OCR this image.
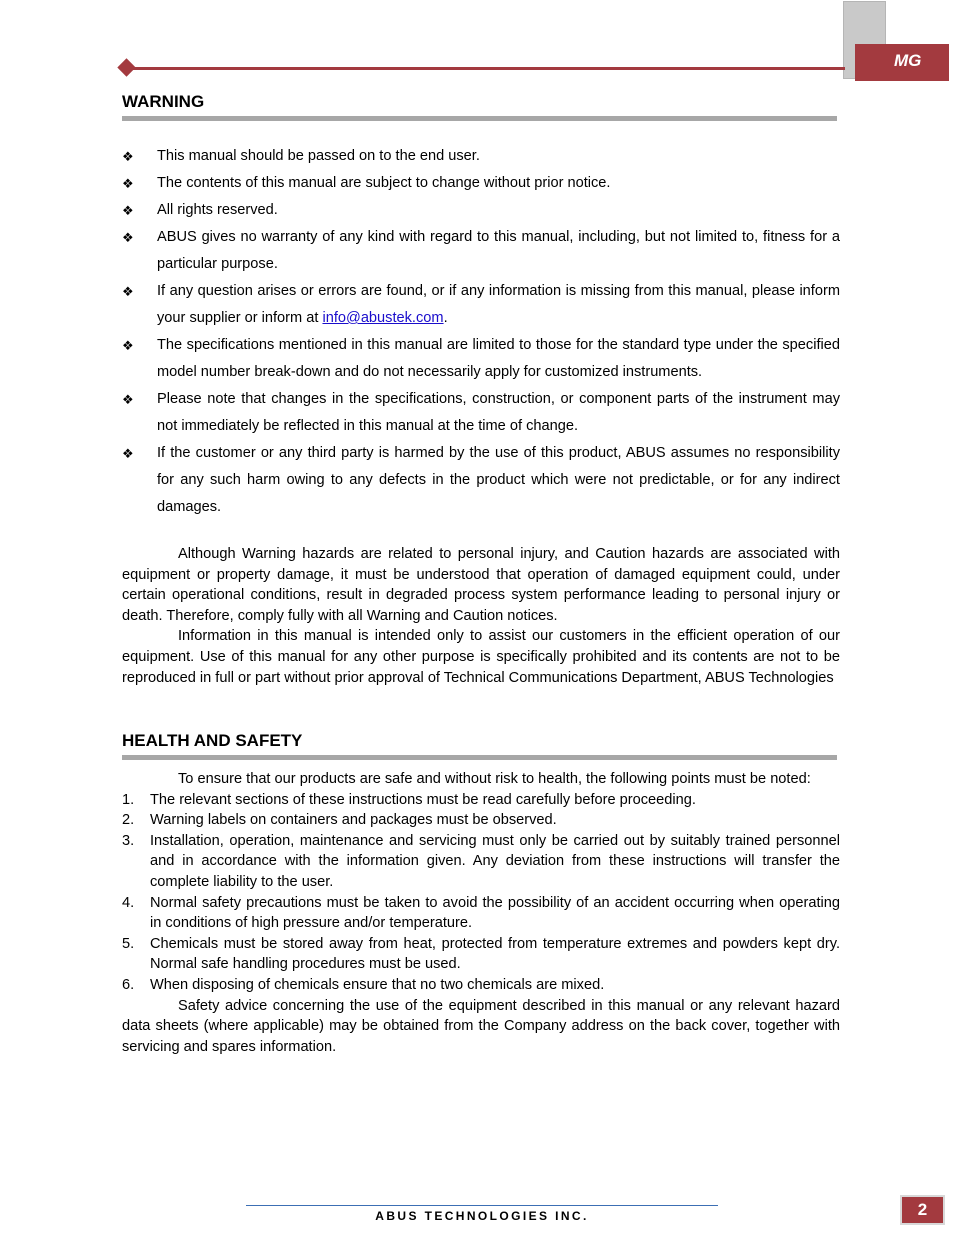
MG
WARNING
❖ This manual should be passed on to the end user.
❖ The contents of this manual are subject to change without prior notice.
❖ All rights reserved.
❖ ABUS gives no warranty of any kind with regard to this manual, including, but not limited to, fitness for a particular purpose.
❖ If any question arises or errors are found, or if any information is missing from this manual, please inform your supplier or inform at info@abustek.com.
❖ The specifications mentioned in this manual are limited to those for the standard type under the specified model number break-down and do not necessarily apply for customized instruments.
❖ Please note that changes in the specifications, construction, or component parts of the instrument may not immediately be reflected in this manual at the time of change.
❖ If the customer or any third party is harmed by the use of this product, ABUS assumes no responsibility for any such harm owing to any defects in the product which were not predictable, or for any indirect damages.

Although Warning hazards are related to personal injury, and Caution hazards are associated with equipment or property damage, it must be understood that operation of damaged equipment could, under certain operational conditions, result in degraded process system performance leading to personal injury or death. Therefore, comply fully with all Warning and Caution notices.

Information in this manual is intended only to assist our customers in the efficient operation of our equipment. Use of this manual for any other purpose is specifically prohibited and its contents are not to be reproduced in full or part without prior approval of Technical Communications Department, ABUS Technologies

HEALTH AND SAFETY

To ensure that our products are safe and without risk to health, the following points must be noted:

1. The relevant sections of these instructions must be read carefully before proceeding.
2. Warning labels on containers and packages must be observed.
3. Installation, operation, maintenance and servicing must only be carried out by suitably trained personnel and in accordance with the information given. Any deviation from these instructions will transfer the complete liability to the user.
4. Normal safety precautions must be taken to avoid the possibility of an accident occurring when operating in conditions of high pressure and/or temperature.
5. Chemicals must be stored away from heat, protected from temperature extremes and powders kept dry. Normal safe handling procedures must be used.
6. When disposing of chemicals ensure that no two chemicals are mixed.

Safety advice concerning the use of the equipment described in this manual or any relevant hazard data sheets (where applicable) may be obtained from the Company address on the back cover, together with servicing and spares information.

ABUS TECHNOLOGIES INC.	2
